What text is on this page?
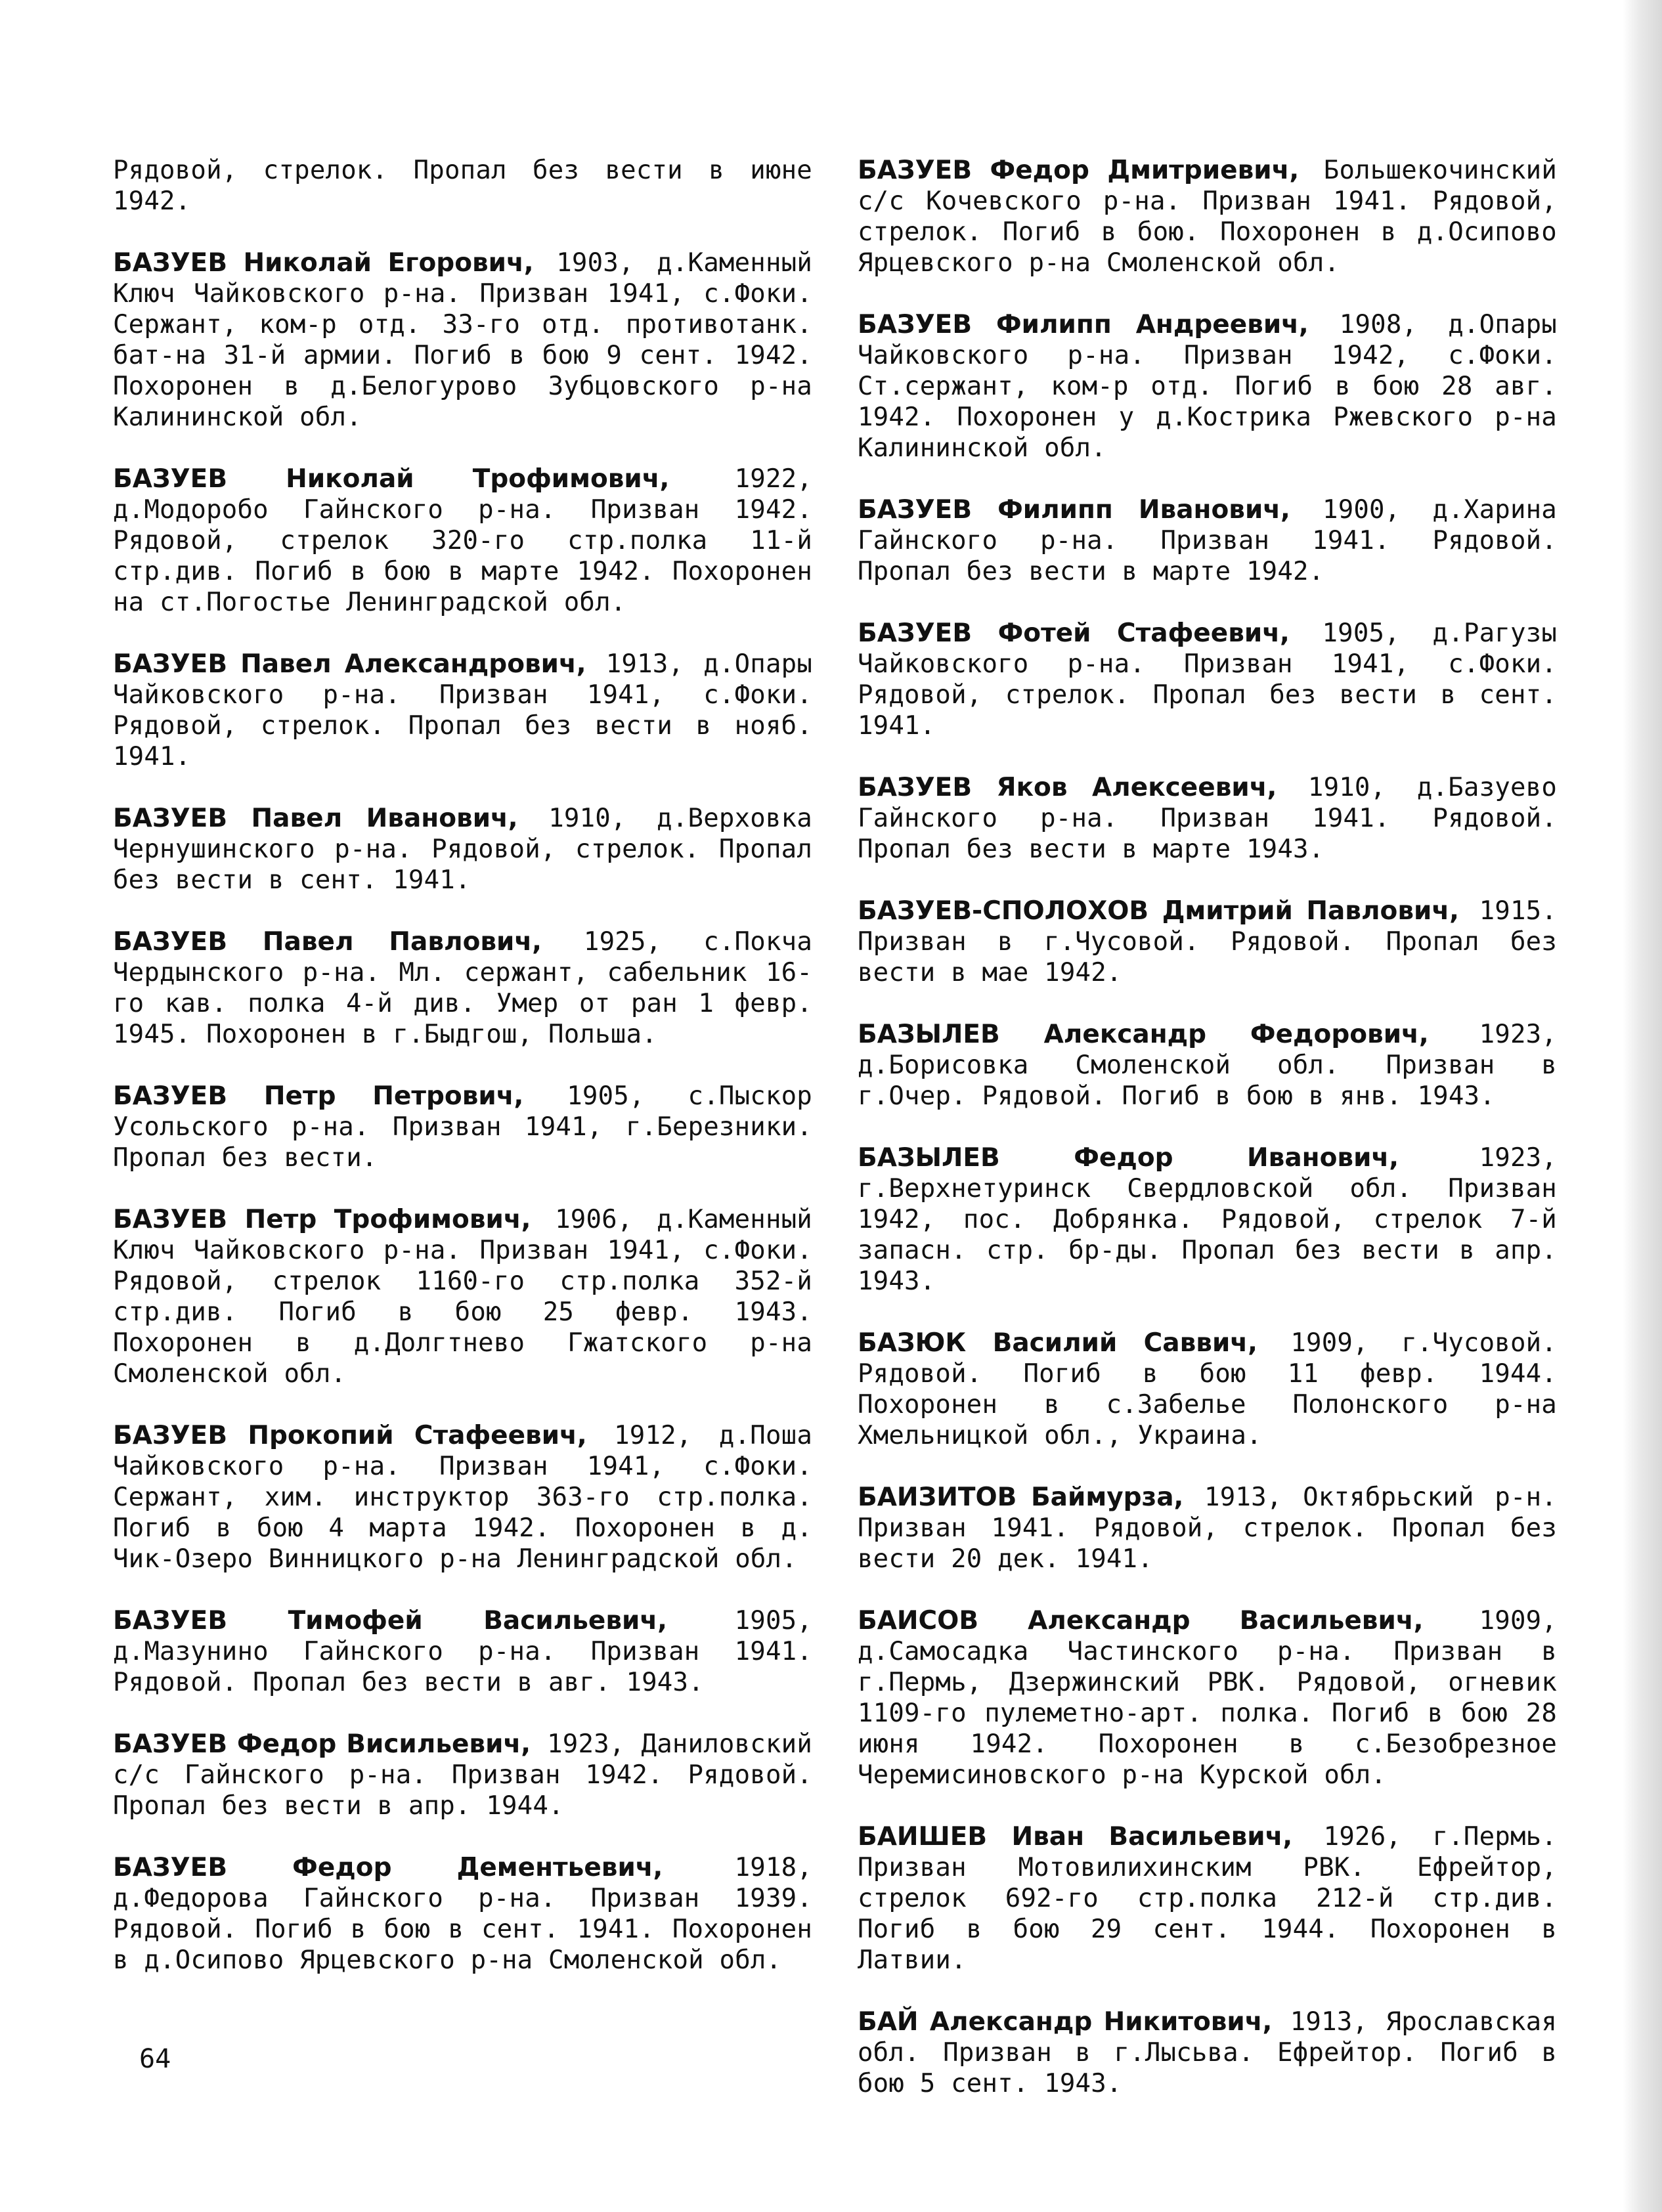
Рядовой, стрелок. Пропал без вести в июне 1942.

БАЗУЕВ Николай Егорович, 1903, д.Каменный Ключ Чайковского р-на. Призван 1941, с.Фоки. Сержант, ком-р отд. 33-го отд. противотанк. бат-на 31-й армии. Погиб в бою 9 сент. 1942. Похоронен в д.Белогурово Зубцовского р-на Калининской обл.

БАЗУЕВ Николай Трофимович,	1922, д.Модоробо Гайнского р-на. Призван 1942. Рядовой, стрелок 320-го стр.полка 11-й стр.див. Погиб в бою в марте 1942. Похоронен на ст.Погостье Ленинградской обл.

БАЗУЕВ Павел Александрович, 1913, д.Опары Чайковского р-на. Призван 1941, с.Фоки. Рядовой, стрелок. Пропал без вести в нояб. 1941.

БАЗУЕВ Павел Иванович, 1910, д.Верховка Чернушинского р-на. Рядовой, стрелок. Пропал без вести в сент. 1941.

БАЗУЕВ Павел Павлович, 1925, с.Покча Чердынского р-на. Мл. сержант, сабельник 16-го кав. полка 4-й див. Умер от ран 1 февр. 1945. Похоронен в г.Быдгош, Польша.

БАЗУЕВ Петр Петрович, 1905, с.Пыскор Усольского р-на. Призван 1941, г.Березники. Пропал без вести.

БАЗУЕВ Петр Трофимович, 1906, д.Каменный Ключ Чайковского р-на. Призван 1941, с.Фоки. Рядовой, стрелок 1160-го стр.полка 352-й стр.див. Погиб в бою 25 февр. 1943. Похоронен в д.Долгтнево Гжатского р-на Смоленской обл.

БАЗУЕВ Прокопий Стафеевич, 1912, д.Поша Чайковского р-на. Призван 1941, с.Фоки. Сержант, хим. инструктор 363-го стр.полка. Погиб в бою 4 марта 1942. Похоронен в д. Чик-Озеро Винницкого р-на Ленинградской обл.

БАЗУЕВ Тимофей Васильевич,	1905, д.Мазунино Гайнского р-на. Призван 1941. Рядовой. Пропал без вести в авг. 1943.

БАЗУЕВ Федор Висильевич, 1923, Даниловский с/с Гайнского р-на. Призван 1942. Рядовой. Пропал без вести в апр. 1944.

БАЗУЕВ Федор Дементьевич,	1918, д.Федорова Гайнского р-на. Призван 1939. Рядовой. Погиб в бою в сент. 1941. Похоронен в д.Осипово Ярцевского р-на Смоленской обл.

БАЗУЕВ Федор Дмитриевич, Большекочинский с/с Кочевского р-на. Призван 1941. Рядовой, стрелок. Погиб в бою. Похоронен в д.Осипово Ярцевского р-на Смоленской обл.

БАЗУЕВ Филипп Андреевич, 1908, д.Опары Чайковского р-на. Призван 1942, с.Фоки. Ст.сержант, ком-р отд. Погиб в бою 28 авг. 1942. Похоронен у д.Кострикa Ржевского р-на Калининской обл.

БАЗУЕВ Филипп Иванович, 1900, д.Харина Гайнского р-на. Призван 1941. Рядовой. Пропал без вести в марте 1942.

БАЗУЕВ Фотей Стафеевич, 1905, д.Рагузы Чайковского р-на. Призван 1941, с.Фоки. Рядовой, стрелок. Пропал без вести в сент. 1941.

БАЗУЕВ Яков Алексеевич, 1910, д.Базуево Гайнского р-на. Призван 1941. Рядовой. Пропал без вести в марте 1943.

БАЗУЕВ-СПОЛОХОВ Дмитрий Павлович, 1915. Призван в г.Чусовой. Рядовой. Пропал без вести в мае 1942.

БАЗЫЛЕВ Александр Федорович, 1923, д.Борисовка Смоленской обл. Призван в г.Очер. Рядовой. Погиб в бою в янв. 1943.

БАЗЫЛЕВ Федор Иванович,	1923, г.Верхнетуринск Свердловской обл. Призван 1942, пос. Добрянка. Рядовой, стрелок 7-й запасн. стр. бр-ды. Пропал без вести в апр. 1943.

БАЗЮК Василий Саввич, 1909, г.Чусовой. Рядовой. Погиб в бою 11 февр. 1944. Похоронен в с.Забелье Полонского р-на Хмельницкой обл., Украина.

БАИЗИТОВ Баймурза, 1913, Октябрьский р-н. Призван 1941. Рядовой, стрелок. Пропал без вести 20 дек. 1941.

БАИСОВ Александр Васильевич, 1909, д.Самосадка Частинского р-на. Призван в г.Пермь, Дзержинский РВК. Рядовой, огневик 1109-го пулеметно-арт. полка. Погиб в бою 28 июня 1942. Похоронен в с.Безобрезное Черемисиновского р-на Курской обл.

БАИШЕВ Иван Васильевич, 1926, г.Пермь. Призван Мотовилихинским РВК. Ефрейтор, стрелок 692-го стр.полка 212-й стр.див. Погиб в бою 29 сент. 1944. Похоронен в Латвии.

БАЙ Александр Никитович, 1913, Ярославская обл. Призван в г.Лысьва. Ефрейтор. Погиб в бою 5 сент. 1943.

64
